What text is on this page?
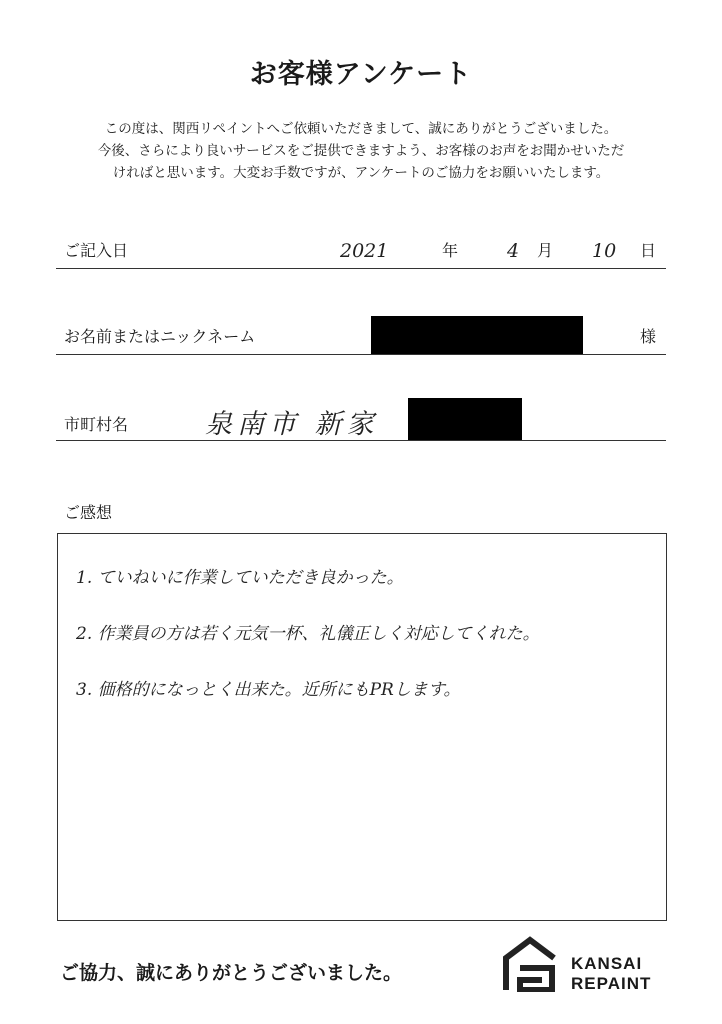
お客様アンケート
この度は、関西リペイントへご依頼いただきまして、誠にありがとうございました。
今後、さらにより良いサービスをご提供できますよう、お客様のお声をお聞かせいただ
ければと思います。大変お手数ですが、アンケートのご協力をお願いいたします。
ご記入日	2021	年	4 月 10 日
お名前またはニックネーム	様
市町村名	泉南市 新家
ご感想
1. ていねいに作業していただき良かった。
2. 作業員の方は若く元気一杯、礼儀正しく対応してくれた。
3. 価格的になっとく出来た。近所にもPRします。
ご協力、誠にありがとうございました。	KANSAI
REPAINT
